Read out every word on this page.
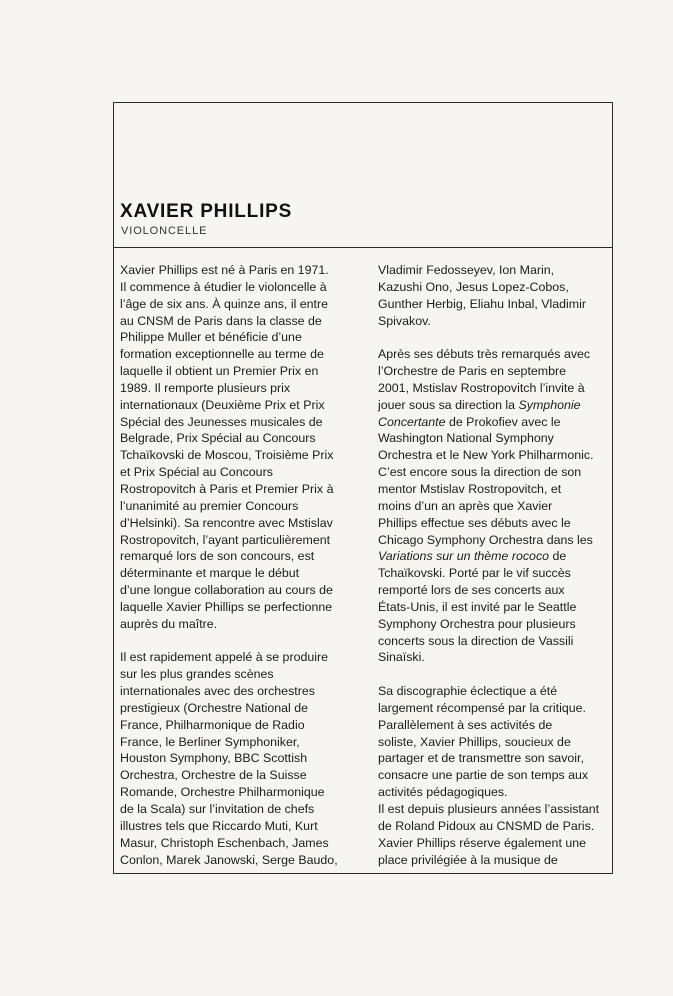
XAVIER PHILLIPS
VIOLONCELLE
Xavier Phillips est né à Paris en 1971.
Il commence à étudier le violoncelle à
l’âge de six ans. À quinze ans, il entre
au CNSM de Paris dans la classe de
Philippe Muller et bénéficie d’une
formation exceptionnelle au terme de
laquelle il obtient un Premier Prix en
1989. Il remporte plusieurs prix
internationaux (Deuxième Prix et Prix
Spécial des Jeunesses musicales de
Belgrade, Prix Spécial au Concours
Tchaïkovski de Moscou, Troisième Prix
et Prix Spécial au Concours
Rostropovitch à Paris et Premier Prix à
l’unanimité au premier Concours
d’Helsinki). Sa rencontre avec Mstislav
Rostropovitch, l’ayant particulièrement
remarqué lors de son concours, est
déterminante et marque le début
d’une longue collaboration au cours de
laquelle Xavier Phillips se perfectionne
auprès du maître.
Il est rapidement appelé à se produire
sur les plus grandes scènes
internationales avec des orchestres
prestigieux (Orchestre National de
France, Philharmonique de Radio
France, le Berliner Symphoniker,
Houston Symphony, BBC Scottish
Orchestra, Orchestre de la Suisse
Romande, Orchestre Philharmonique
de la Scala) sur l’invitation de chefs
illustres tels que Riccardo Muti, Kurt
Masur, Christoph Eschenbach, James
Conlon, Marek Janowski, Serge Baudo,
Vladimir Fedosseyev, Ion Marin,
Kazushi Ono, Jesus Lopez-Cobos,
Gunther Herbig, Eliahu Inbal, Vladimir
Spivakov.
Après ses débuts très remarqués avec
l’Orchestre de Paris en septembre
2001, Mstislav Rostropovitch l’invite à
jouer sous sa direction la Symphonie
Concertante de Prokofiev avec le
Washington National Symphony
Orchestra et le New York Philharmonic.
C’est encore sous la direction de son
mentor Mstislav Rostropovitch, et
moins d’un an après que Xavier
Phillips effectue ses débuts avec le
Chicago Symphony Orchestra dans les
Variations sur un thème rococo de
Tchaïkovski. Porté par le vif succès
remporté lors de ses concerts aux
États-Unis, il est invité par le Seattle
Symphony Orchestra pour plusieurs
concerts sous la direction de Vassili
Sinaïski.
Sa discographie éclectique a été
largement récompensé par la critique.
Parallèlement à ses activités de
soliste, Xavier Phillips, soucieux de
partager et de transmettre son savoir,
consacre une partie de son temps aux
activités pédagogiques.
Il est depuis plusieurs années l’assistant
de Roland Pidoux au CNSMD de Paris.
Xavier Phillips réserve également une
place privilégiée à la musique de
